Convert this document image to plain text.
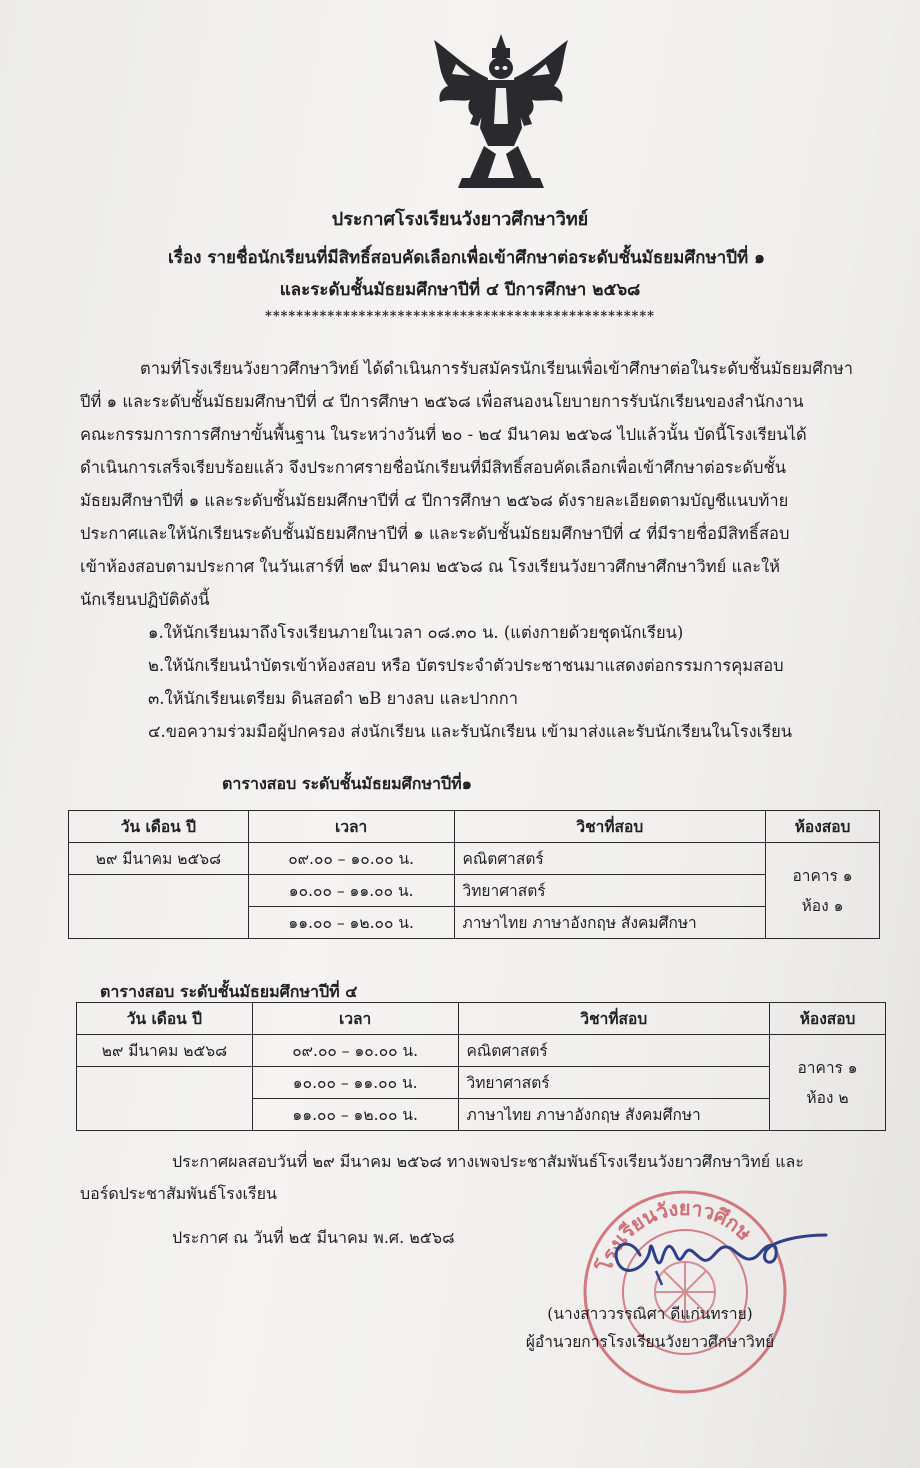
ประกาศโรงเรียนวังยาวศึกษาวิทย์
เรื่อง รายชื่อนักเรียนที่มีสิทธิ์สอบคัดเลือกเพื่อเข้าศึกษาต่อระดับชั้นมัธยมศึกษาปีที่ ๑
และระดับชั้นมัธยมศึกษาปีที่ ๔ ปีการศึกษา ๒๕๖๘
**************************************************

ตามที่โรงเรียนวังยาวศึกษาวิทย์ ได้ดำเนินการรับสมัครนักเรียนเพื่อเข้าศึกษาต่อในระดับชั้นมัธยมศึกษา

ปีที่ ๑ และระดับชั้นมัธยมศึกษาปีที่ ๔ ปีการศึกษา ๒๕๖๘ เพื่อสนองนโยบายการรับนักเรียนของสำนักงาน

คณะกรรมการการศึกษาขั้นพื้นฐาน ในระหว่างวันที่ ๒๐ - ๒๔ มีนาคม ๒๕๖๘ ไปแล้วนั้น บัดนี้โรงเรียนได้

ดำเนินการเสร็จเรียบร้อยแล้ว จึงประกาศรายชื่อนักเรียนที่มีสิทธิ์สอบคัดเลือกเพื่อเข้าศึกษาต่อระดับชั้น

มัธยมศึกษาปีที่ ๑ และระดับชั้นมัธยมศึกษาปีที่ ๔ ปีการศึกษา ๒๕๖๘ ดังรายละเอียดตามบัญชีแนบท้าย

ประกาศและให้นักเรียนระดับชั้นมัธยมศึกษาปีที่ ๑ และระดับชั้นมัธยมศึกษาปีที่ ๔ ที่มีรายชื่อมีสิทธิ์สอบ

เข้าห้องสอบตามประกาศ ในวันเสาร์ที่ ๒๙ มีนาคม ๒๕๖๘ ณ โรงเรียนวังยาวศึกษาศึกษาวิทย์ และให้

นักเรียนปฏิบัติดังนี้

๑.ให้นักเรียนมาถึงโรงเรียนภายในเวลา ๐๘.๓๐ น. (แต่งกายด้วยชุดนักเรียน)

๒.ให้นักเรียนนำบัตรเข้าห้องสอบ หรือ บัตรประจำตัวประชาชนมาแสดงต่อกรรมการคุมสอบ

๓.ให้นักเรียนเตรียม ดินสอดำ ๒B ยางลบ และปากกา

๔.ขอความร่วมมือผู้ปกครอง ส่งนักเรียน และรับนักเรียน เข้ามาส่งและรับนักเรียนในโรงเรียน

ตารางสอบ ระดับชั้นมัธยมศึกษาปีที่๑
วัน เดือน ปี	เวลา	วิชาที่สอบ	ห้องสอบ
๒๙ มีนาคม ๒๕๖๘	๐๙.๐๐ – ๑๐.๐๐ น.	คณิตศาสตร์	อาคาร ๑
ห้อง ๑

	๑๐.๐๐ – ๑๑.๐๐ น.	วิทยาศาสตร์	
	๑๑.๐๐ – ๑๒.๐๐ น.	ภาษาไทย ภาษาอังกฤษ สังคมศึกษา	
ตารางสอบ ระดับชั้นมัธยมศึกษาปีที่ ๔
วัน เดือน ปี	เวลา	วิชาที่สอบ	ห้องสอบ
๒๙ มีนาคม ๒๕๖๘	๐๙.๐๐ – ๑๐.๐๐ น.	คณิตศาสตร์	อาคาร ๑
ห้อง ๒

	๑๐.๐๐ – ๑๑.๐๐ น.	วิทยาศาสตร์	
	๑๑.๐๐ – ๑๒.๐๐ น.	ภาษาไทย ภาษาอังกฤษ สังคมศึกษา	

ประกาศผลสอบวันที่ ๒๙ มีนาคม ๒๕๖๘ ทางเพจประชาสัมพันธ์โรงเรียนวังยาวศึกษาวิทย์ และ

บอร์ดประชาสัมพันธ์โรงเรียน

ประกาศ ณ วันที่ ๒๕ มีนาคม พ.ศ. ๒๕๖๘
โรงเรียนวังยาวศึกษ
(นางสาววรรณิศา ดีแก่นทราย)
ผู้อำนวยการโรงเรียนวังยาวศึกษาวิทย์
